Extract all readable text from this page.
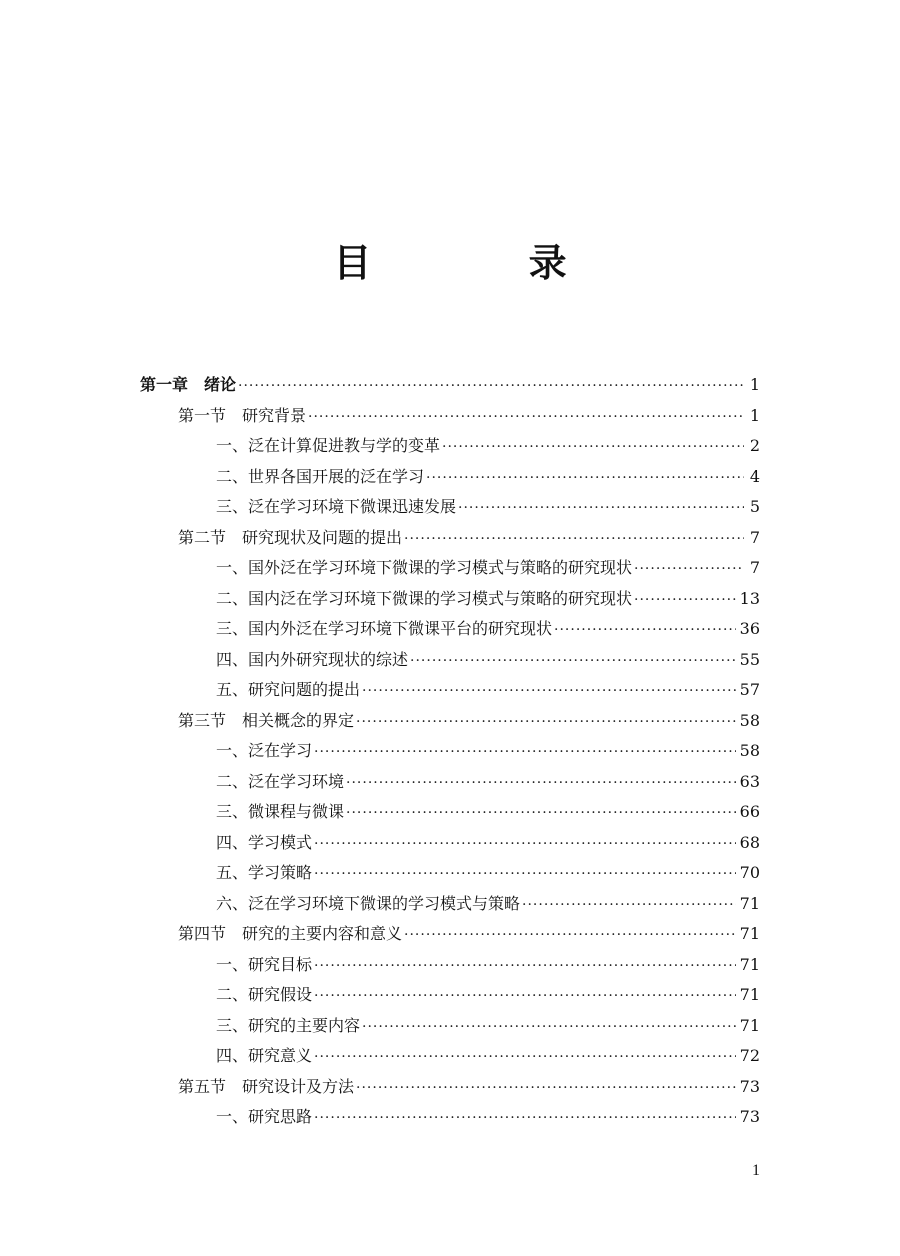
目 录
第一章　绪论 ·····	1
第一节　研究背景 ·····	1
一、泛在计算促进教与学的变革 ·····	2
二、世界各国开展的泛在学习 ·····	4
三、泛在学习环境下微课迅速发展 ·····	5
第二节　研究现状及问题的提出 ·····	7
一、国外泛在学习环境下微课的学习模式与策略的研究现状 ·····	7
二、国内泛在学习环境下微课的学习模式与策略的研究现状 ·····	13
三、国内外泛在学习环境下微课平台的研究现状 ·····	36
四、国内外研究现状的综述 ·····	55
五、研究问题的提出 ·····	57
第三节　相关概念的界定 ·····	58
一、泛在学习 ·····	58
二、泛在学习环境 ·····	63
三、微课程与微课 ·····	66
四、学习模式 ·····	68
五、学习策略 ·····	70
六、泛在学习环境下微课的学习模式与策略 ·····	71
第四节　研究的主要内容和意义 ·····	71
一、研究目标 ·····	71
二、研究假设 ·····	71
三、研究的主要内容 ·····	71
四、研究意义 ·····	72
第五节　研究设计及方法 ·····	73
一、研究思路 ·····	73
1
